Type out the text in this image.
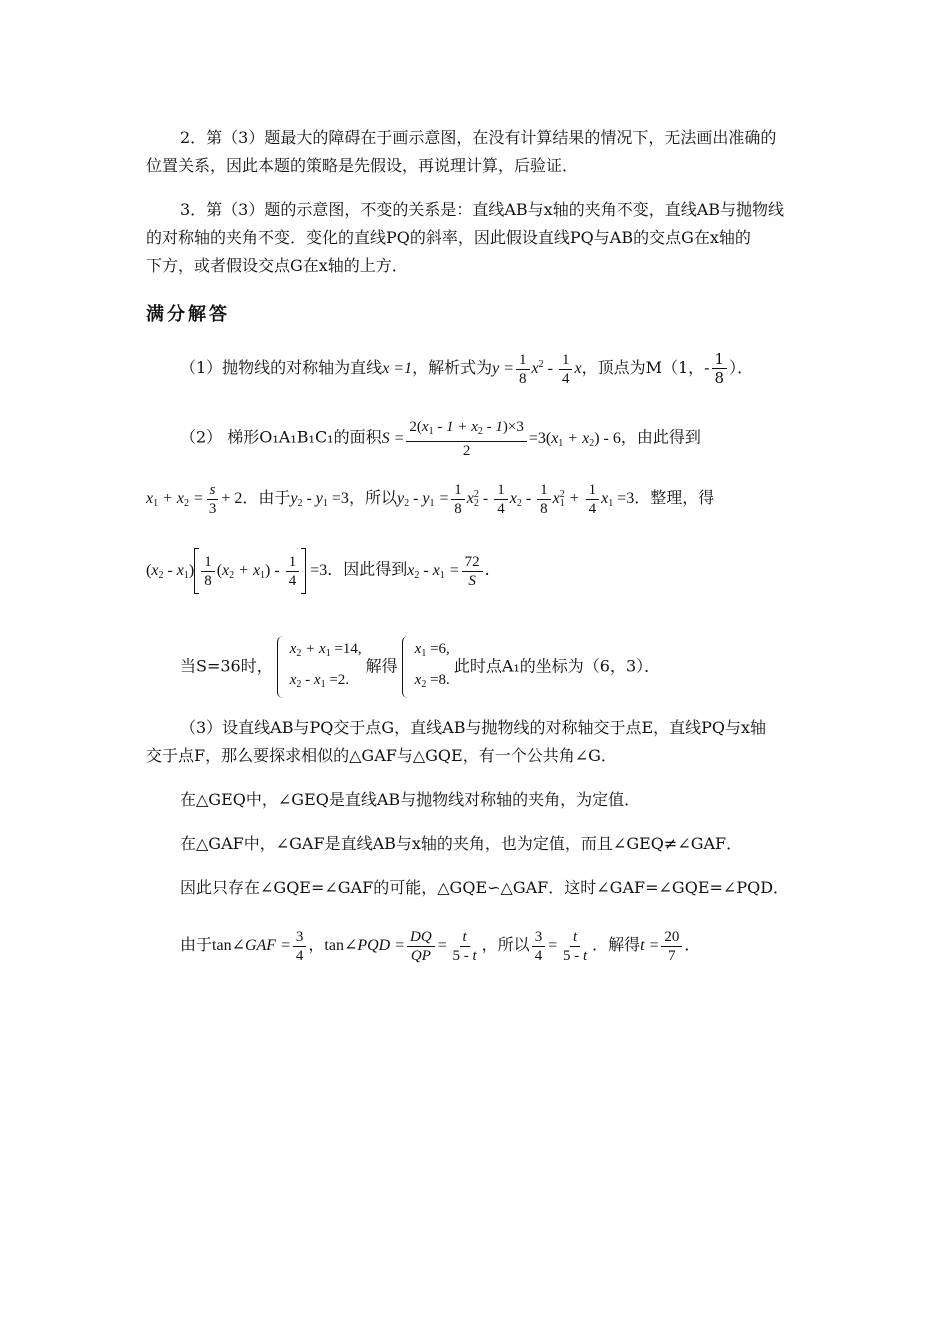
2．第（3）题最大的障碍在于画示意图，在没有计算结果的情况下，无法画出准确的
位置关系，因此本题的策略是先假设，再说理计算，后验证．
3．第（3）题的示意图，不变的关系是：直线AB与x轴的夹角不变，直线AB与抛物线
的对称轴的夹角不变．变化的直线PQ的斜率，因此假设直线PQ与AB的交点G在x轴的
下方，或者假设交点G在x轴的上方．
满分解答
（1）抛物线的对称轴为直线x =1，解析式为$y = \frac{1}{8} x^2 - \frac{1}{4}$ x，顶点为M（1，- $\frac{1}{8}$ ）．
（2） 梯形O₁A₁B₁C₁的面积$S = \frac{2(x_1 - 1 + x_2 - 1)\times 3}{2} =3(x_1 + x_2) - 6$，由此得到
$x_1 + x_2 = \frac{s}{3} + 2$．由于$y_2 - y_1 =3$，所以$y_2 - y_1 = \frac{1}{8} x_2^2 - \frac{1}{4} x_2 - \frac{1}{8} x_1^2 + \frac{1}{4} x_1 =3$．整理，得
$(x_2 - x_1) \frac{1}{8} (x_2 + x_1) - \frac{1}{4} =3$．因此得到$x_2 - x_1 = \frac{72}{S}$ ．
当S=36时，
$x_2 + x_1 =14$,
$x_2 - x_1 =2$.
解得
$x_1 =6$,
$x_2 =8$.
此时点A₁的坐标为（6，3）．
（3）设直线AB与PQ交于点G，直线AB与抛物线的对称轴交于点E，直线PQ与x轴
交于点F，那么要探求相似的△GAF与△GQE，有一个公共角∠G．
在△GEQ中，∠GEQ是直线AB与抛物线对称轴的夹角，为定值．
在△GAF中，∠GAF是直线AB与x轴的夹角，也为定值，而且∠GEQ≠∠GAF．
因此只存在∠GQE=∠GAF的可能，△GQE∽△GAF．这时∠GAF=∠GQE=∠PQD．
由于tan∠GAF = $\frac{3}{4}$ ，tan∠PQD = $\frac{DQ}{QP} = \frac{t}{5 - t}$ ，所以 $\frac{3}{4} = \frac{t}{5 - t}$ ．解得$t = \frac{20}{7}$ ．
